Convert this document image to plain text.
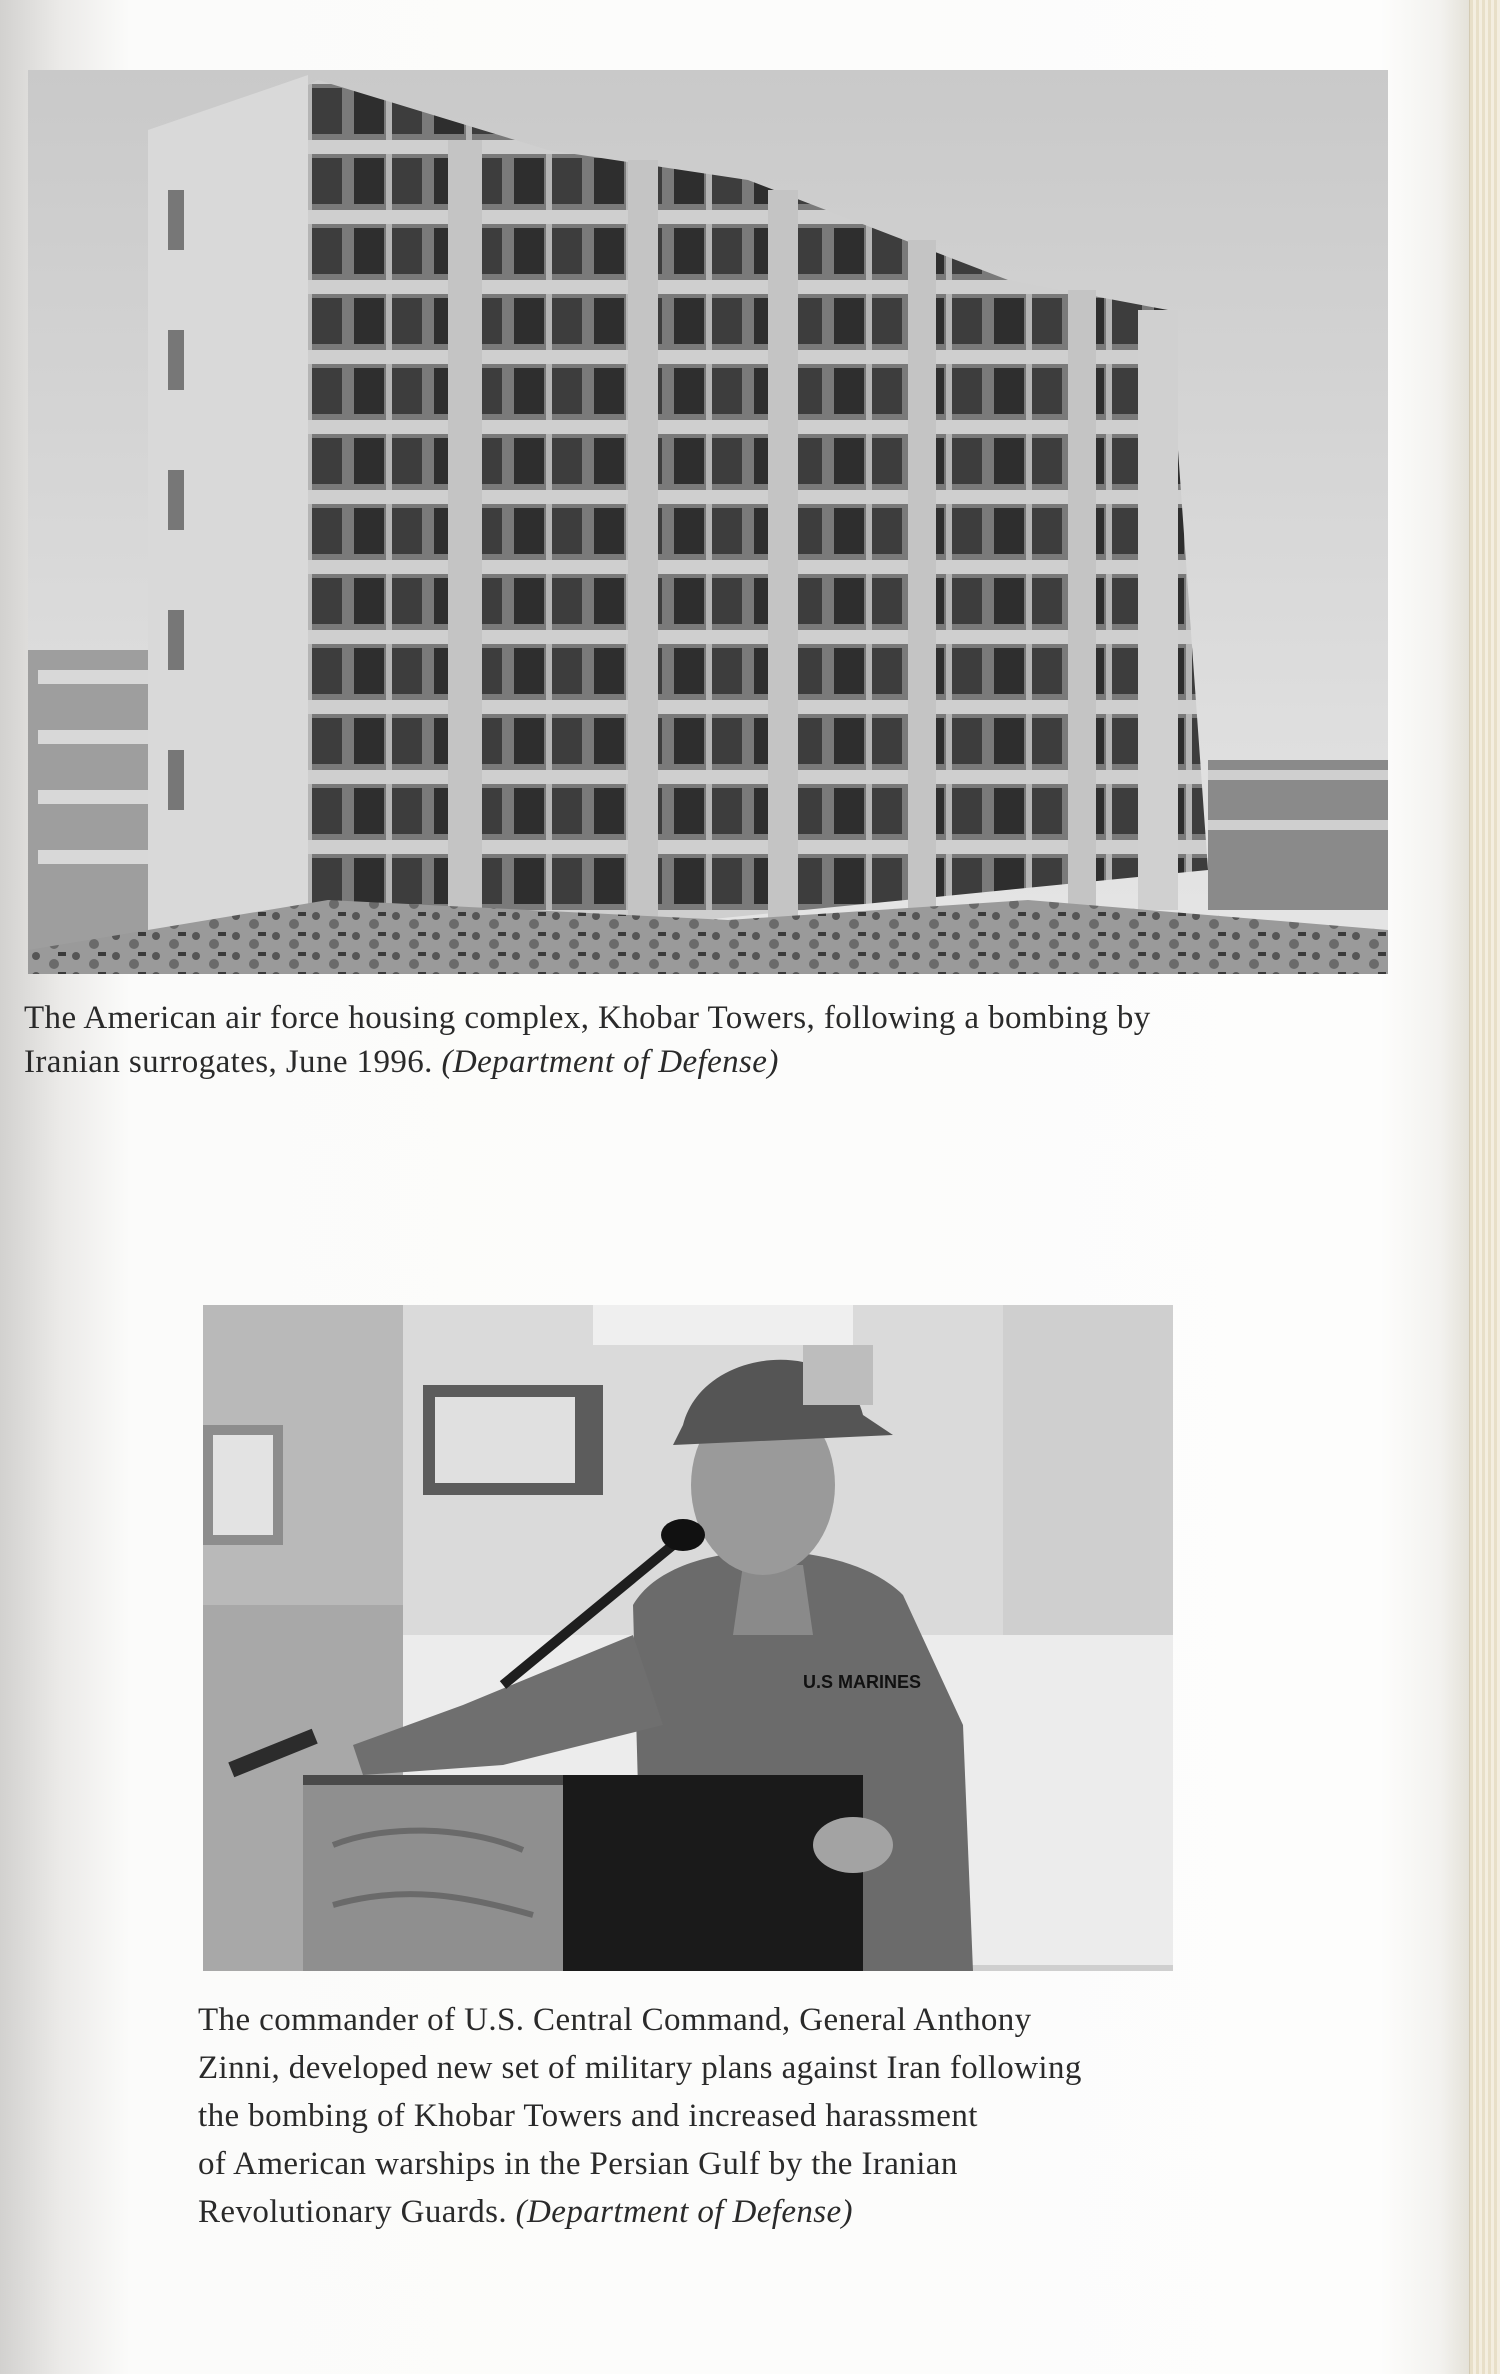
The American air force housing complex, Khobar Towers, following a bombing by

Iranian surrogates, June 1996. (Department of Defense)

U.S MARINES

The commander of U.S. Central Command, General Anthony

Zinni, developed new set of military plans against Iran following

the bombing of Khobar Towers and increased harassment

of American warships in the Persian Gulf by the Iranian

Revolutionary Guards. (Department of Defense)
